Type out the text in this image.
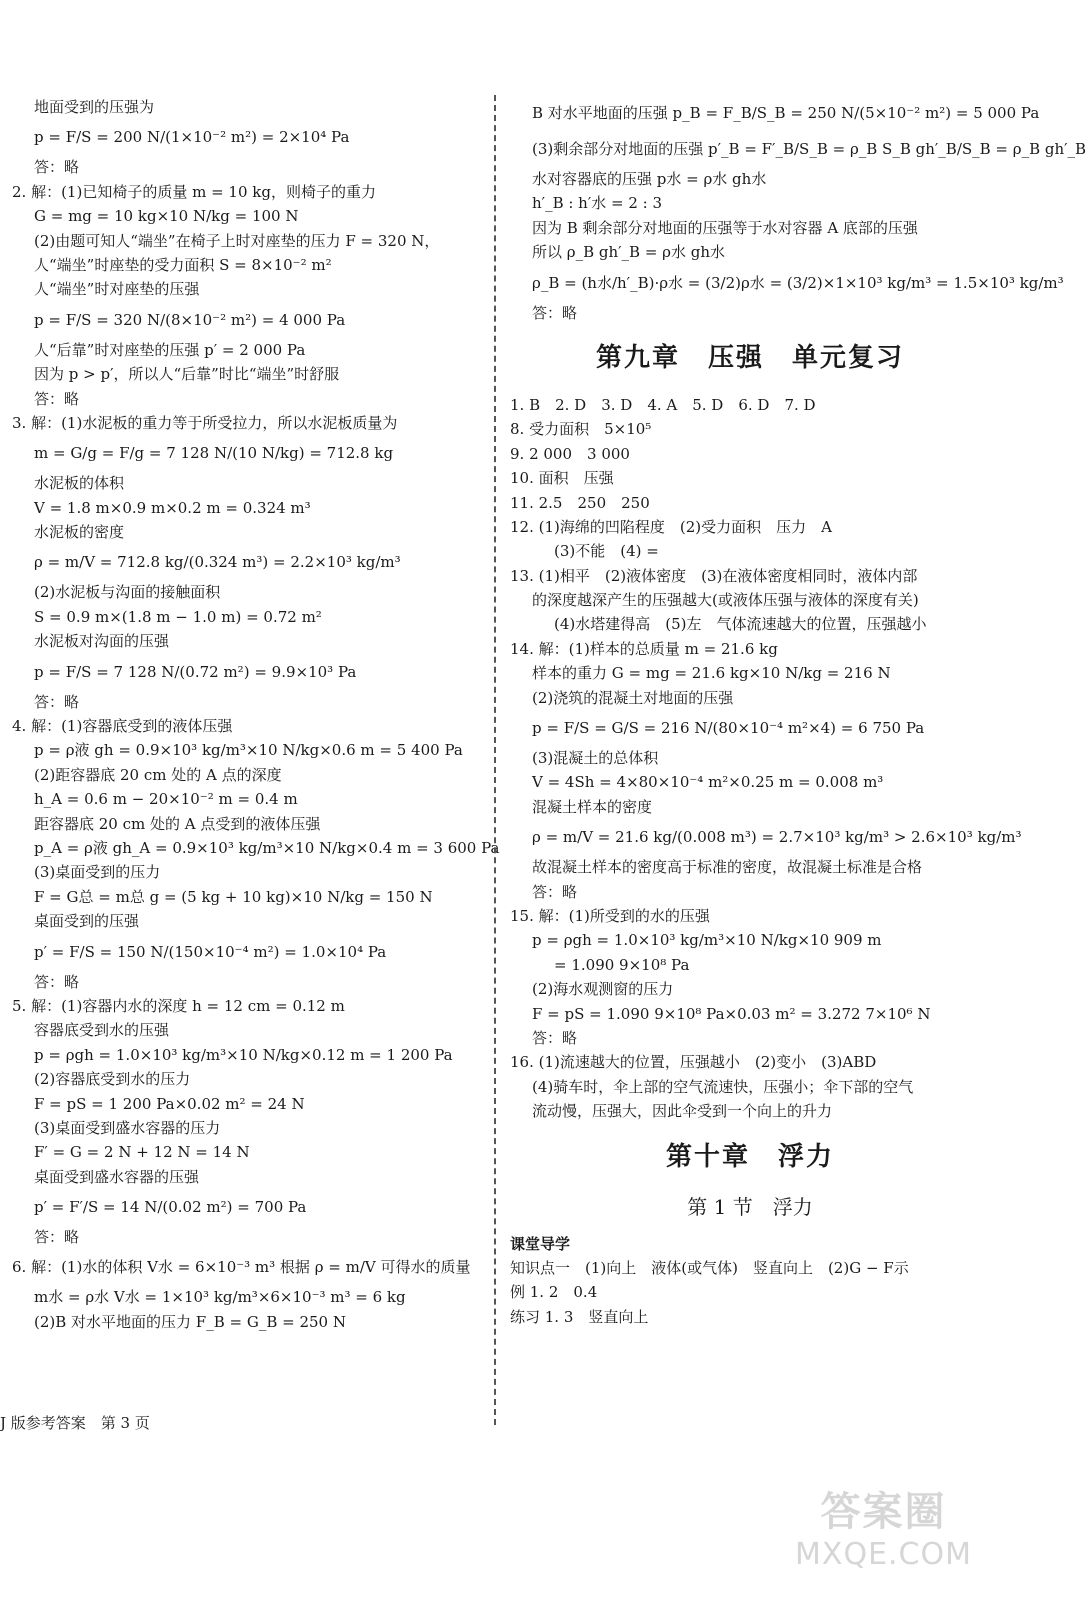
地面受到的压强为
p = F/S = 200 N/(1×10⁻² m²) = 2×10⁴ Pa
答：略
2. 解：(1)已知椅子的质量 m = 10 kg，则椅子的重力
G = mg = 10 kg×10 N/kg = 100 N
(2)由题可知人“端坐”在椅子上时对座垫的压力 F = 320 N，
人“端坐”时座垫的受力面积 S = 8×10⁻² m²
人“端坐”时对座垫的压强
p = F/S = 320 N/(8×10⁻² m²) = 4 000 Pa
人“后靠”时对座垫的压强 p′ = 2 000 Pa
因为 p > p′，所以人“后靠”时比“端坐”时舒服
答：略
3. 解：(1)水泥板的重力等于所受拉力，所以水泥板质量为
m = G/g = F/g = 7 128 N/(10 N/kg) = 712.8 kg
水泥板的体积
V = 1.8 m×0.9 m×0.2 m = 0.324 m³
水泥板的密度
ρ = m/V = 712.8 kg/(0.324 m³) = 2.2×10³ kg/m³
(2)水泥板与沟面的接触面积
S = 0.9 m×(1.8 m − 1.0 m) = 0.72 m²
水泥板对沟面的压强
p = F/S = 7 128 N/(0.72 m²) = 9.9×10³ Pa
答：略
4. 解：(1)容器底受到的液体压强
p = ρ液 gh = 0.9×10³ kg/m³×10 N/kg×0.6 m = 5 400 Pa
(2)距容器底 20 cm 处的 A 点的深度
h_A = 0.6 m − 20×10⁻² m = 0.4 m
距容器底 20 cm 处的 A 点受到的液体压强
p_A = ρ液 gh_A = 0.9×10³ kg/m³×10 N/kg×0.4 m = 3 600 Pa
(3)桌面受到的压力
F = G总 = m总 g = (5 kg + 10 kg)×10 N/kg = 150 N
桌面受到的压强
p′ = F/S = 150 N/(150×10⁻⁴ m²) = 1.0×10⁴ Pa
答：略
5. 解：(1)容器内水的深度 h = 12 cm = 0.12 m
容器底受到水的压强
p = ρgh = 1.0×10³ kg/m³×10 N/kg×0.12 m = 1 200 Pa
(2)容器底受到水的压力
F = pS = 1 200 Pa×0.02 m² = 24 N
(3)桌面受到盛水容器的压力
F′ = G = 2 N + 12 N = 14 N
桌面受到盛水容器的压强
p′ = F′/S = 14 N/(0.02 m²) = 700 Pa
答：略
6. 解：(1)水的体积 V水 = 6×10⁻³ m³ 根据 ρ = m/V 可得水的质量
m水 = ρ水 V水 = 1×10³ kg/m³×6×10⁻³ m³ = 6 kg
(2)B 对水平地面的压力 F_B = G_B = 250 N
B 对水平地面的压强 p_B = F_B/S_B = 250 N/(5×10⁻² m²) = 5 000 Pa
(3)剩余部分对地面的压强 p′_B = F′_B/S_B = ρ_B S_B gh′_B/S_B = ρ_B gh′_B
水对容器底的压强 p水 = ρ水 gh水
h′_B : h′水 = 2 : 3
因为 B 剩余部分对地面的压强等于水对容器 A 底部的压强
所以 ρ_B gh′_B = ρ水 gh水
ρ_B = (h水/h′_B)·ρ水 = (3/2)ρ水 = (3/2)×1×10³ kg/m³ = 1.5×10³ kg/m³
答：略
第九章　压强　单元复习
1. B　2. D　3. D　4. A　5. D　6. D　7. D
8. 受力面积　5×10⁵
9. 2 000　3 000
10. 面积　压强
11. 2.5　250　250
12. (1)海绵的凹陷程度　(2)受力面积　压力　A
(3)不能　(4) =
13. (1)相平　(2)液体密度　(3)在液体密度相同时，液体内部
的深度越深产生的压强越大(或液体压强与液体的深度有关)
(4)水塔建得高　(5)左　气体流速越大的位置，压强越小
14. 解：(1)样本的总质量 m = 21.6 kg
样本的重力 G = mg = 21.6 kg×10 N/kg = 216 N
(2)浇筑的混凝土对地面的压强
p = F/S = G/S = 216 N/(80×10⁻⁴ m²×4) = 6 750 Pa
(3)混凝土的总体积
V = 4Sh = 4×80×10⁻⁴ m²×0.25 m = 0.008 m³
混凝土样本的密度
ρ = m/V = 21.6 kg/(0.008 m³) = 2.7×10³ kg/m³ > 2.6×10³ kg/m³
故混凝土样本的密度高于标准的密度，故混凝土标准是合格
答：略
15. 解：(1)所受到的水的压强
p = ρgh = 1.0×10³ kg/m³×10 N/kg×10 909 m
= 1.090 9×10⁸ Pa
(2)海水观测窗的压力
F = pS = 1.090 9×10⁸ Pa×0.03 m² = 3.272 7×10⁶ N
答：略
16. (1)流速越大的位置，压强越小　(2)变小　(3)ABD
(4)骑车时，伞上部的空气流速快，压强小；伞下部的空气
流动慢，压强大，因此伞受到一个向上的升力
第十章　浮力
第 1 节　浮力
课堂导学
知识点一　(1)向上　液体(或气体)　竖直向上　(2)G − F示
例 1. 2　0.4
练习 1. 3　竖直向上
J 版参考答案　第 3 页
答案圈
MXQE.COM
